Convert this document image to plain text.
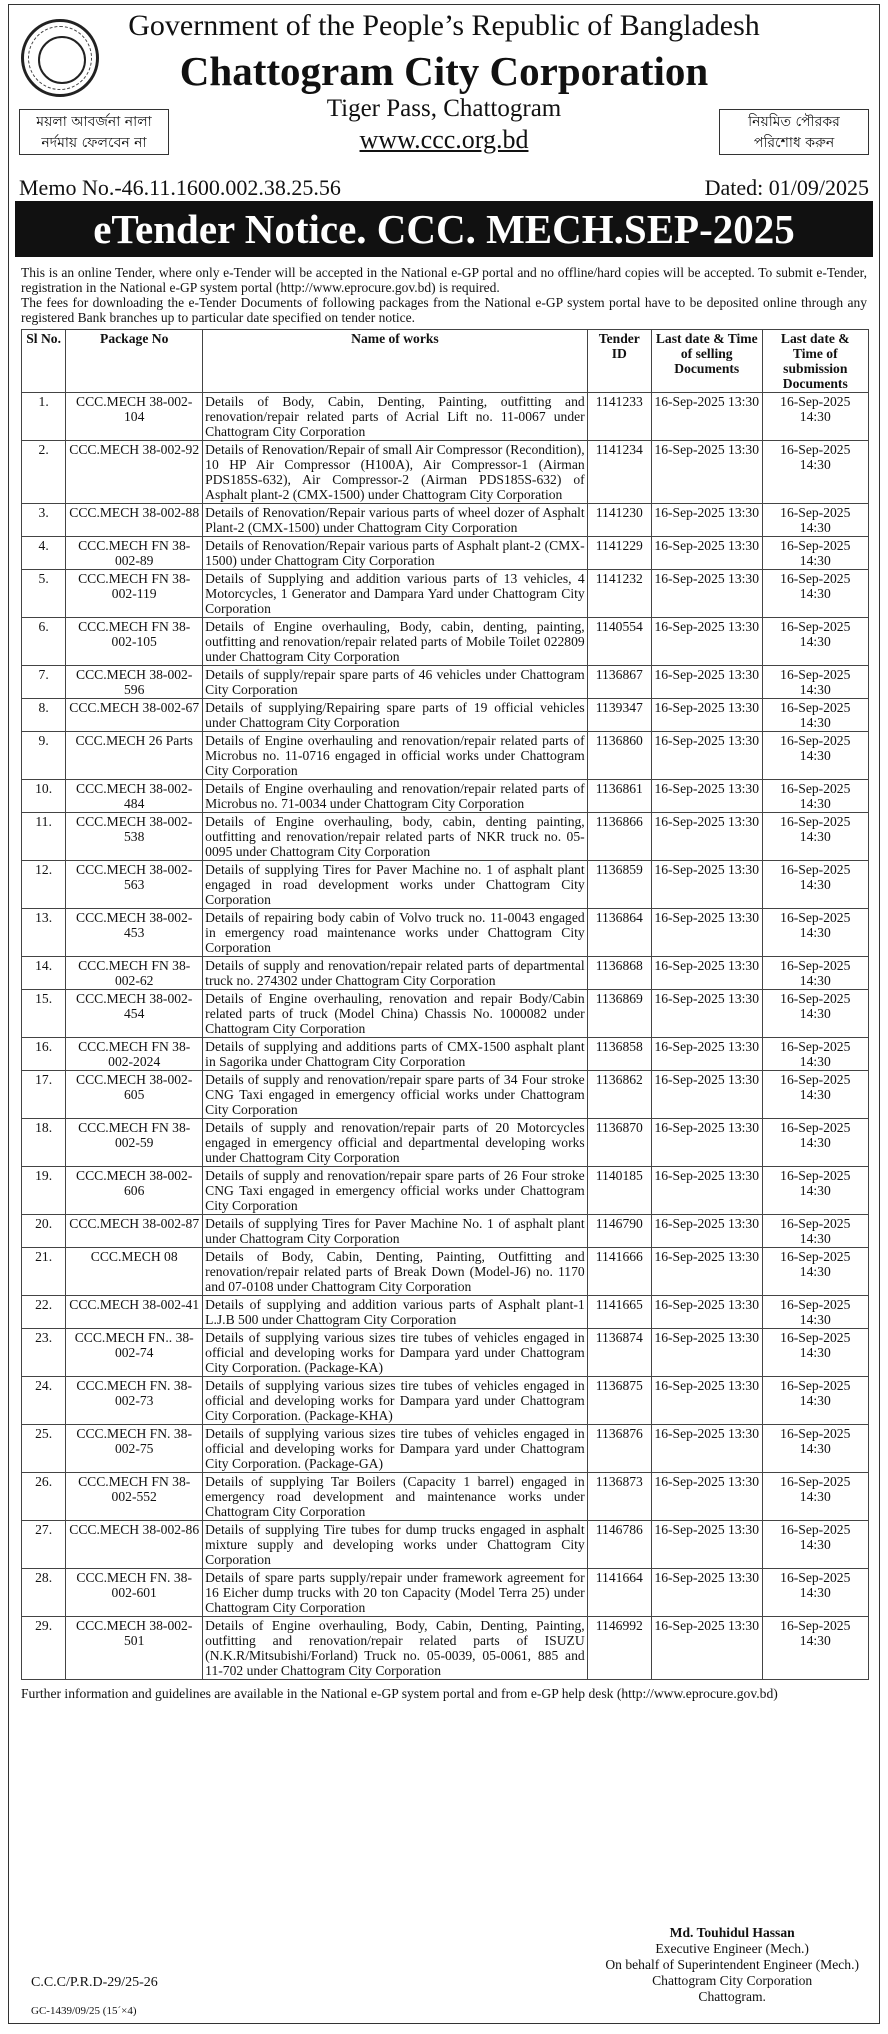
Government of the People’s Republic of Bangladesh
Chattogram City Corporation
Tiger Pass, Chattogram
www.ccc.org.bd
ময়লা আবর্জনা নালা
নর্দমায় ফেলবেন না
নিয়মিত পৌরকর
পরিশোধ করুন
Memo No.-46.11.1600.002.38.25.56	Dated: 01/09/2025
eTender Notice. CCC. MECH.SEP-2025
This is an online Tender, where only e-Tender will be accepted in the National e-GP portal and no offline/hard copies will be accepted. To submit e-Tender, registration in the National e-GP system portal (http://www.eprocure.gov.bd) is required.
The fees for downloading the e-Tender Documents of following packages from the National e-GP system portal have to be deposited online through any registered Bank branches up to particular date specified on tender notice.
Sl No.	Package No	Name of works	Tender ID	Last date & Time of selling Documents	Last date & Time of submission Documents
1.	CCC.MECH 38-002-104	Details of Body, Cabin, Denting, Painting, outfitting and renovation/repair related parts of Acrial Lift no. 11-0067 under Chattogram City Corporation	1141233	16-Sep-2025 13:30	16-Sep-2025 14:30
2.	CCC.MECH 38-002-92	Details of Renovation/Repair of small Air Compressor (Recondition), 10 HP Air Compressor (H100A), Air Compressor-1 (Airman PDS185S-632), Air Compressor-2 (Airman PDS185S-632) of Asphalt plant-2 (CMX-1500) under Chattogram City Corporation	1141234	16-Sep-2025 13:30	16-Sep-2025 14:30
3.	CCC.MECH 38-002-88	Details of Renovation/Repair various parts of wheel dozer of Asphalt Plant-2 (CMX-1500) under Chattogram City Corporation	1141230	16-Sep-2025 13:30	16-Sep-2025 14:30
4.	CCC.MECH FN 38-002-89	Details of Renovation/Repair various parts of Asphalt plant-2 (CMX-1500) under Chattogram City Corporation	1141229	16-Sep-2025 13:30	16-Sep-2025 14:30
5.	CCC.MECH FN 38-002-119	Details of Supplying and addition various parts of 13 vehicles, 4 Motorcycles, 1 Generator and Dampara Yard under Chattogram City Corporation	1141232	16-Sep-2025 13:30	16-Sep-2025 14:30
6.	CCC.MECH FN 38-002-105	Details of Engine overhauling, Body, cabin, denting, painting, outfitting and renovation/repair related parts of Mobile Toilet 022809 under Chattogram City Corporation	1140554	16-Sep-2025 13:30	16-Sep-2025 14:30
7.	CCC.MECH 38-002-596	Details of supply/repair spare parts of 46 vehicles under Chattogram City Corporation	1136867	16-Sep-2025 13:30	16-Sep-2025 14:30
8.	CCC.MECH 38-002-67	Details of supplying/Repairing spare parts of 19 official vehicles under Chattogram City Corporation	1139347	16-Sep-2025 13:30	16-Sep-2025 14:30
9.	CCC.MECH 26 Parts	Details of Engine overhauling and renovation/repair related parts of Microbus no. 11-0716 engaged in official works under Chattogram City Corporation	1136860	16-Sep-2025 13:30	16-Sep-2025 14:30
10.	CCC.MECH 38-002-484	Details of Engine overhauling and renovation/repair related parts of Microbus no. 71-0034 under Chattogram City Corporation	1136861	16-Sep-2025 13:30	16-Sep-2025 14:30
11.	CCC.MECH 38-002-538	Details of Engine overhauling, body, cabin, denting painting, outfitting and renovation/repair related parts of NKR truck no. 05-0095 under Chattogram City Corporation	1136866	16-Sep-2025 13:30	16-Sep-2025 14:30
12.	CCC.MECH 38-002-563	Details of supplying Tires for Paver Machine no. 1 of asphalt plant engaged in road development works under Chattogram City Corporation	1136859	16-Sep-2025 13:30	16-Sep-2025 14:30
13.	CCC.MECH 38-002-453	Details of repairing body cabin of Volvo truck no. 11-0043 engaged in emergency road maintenance works under Chattogram City Corporation	1136864	16-Sep-2025 13:30	16-Sep-2025 14:30
14.	CCC.MECH FN 38-002-62	Details of supply and renovation/repair related parts of departmental truck no. 274302 under Chattogram City Corporation	1136868	16-Sep-2025 13:30	16-Sep-2025 14:30
15.	CCC.MECH 38-002-454	Details of Engine overhauling, renovation and repair Body/Cabin related parts of truck (Model China) Chassis No. 1000082 under Chattogram City Corporation	1136869	16-Sep-2025 13:30	16-Sep-2025 14:30
16.	CCC.MECH FN 38-002-2024	Details of supplying and additions parts of CMX-1500 asphalt plant in Sagorika under Chattogram City Corporation	1136858	16-Sep-2025 13:30	16-Sep-2025 14:30
17.	CCC.MECH 38-002-605	Details of supply and renovation/repair spare parts of 34 Four stroke CNG Taxi engaged in emergency official works under Chattogram City Corporation	1136862	16-Sep-2025 13:30	16-Sep-2025 14:30
18.	CCC.MECH FN 38-002-59	Details of supply and renovation/repair parts of 20 Motorcycles engaged in emergency official and departmental developing works under Chattogram City Corporation	1136870	16-Sep-2025 13:30	16-Sep-2025 14:30
19.	CCC.MECH 38-002-606	Details of supply and renovation/repair spare parts of 26 Four stroke CNG Taxi engaged in emergency official works under Chattogram City Corporation	1140185	16-Sep-2025 13:30	16-Sep-2025 14:30
20.	CCC.MECH 38-002-87	Details of supplying Tires for Paver Machine No. 1 of asphalt plant under Chattogram City Corporation	1146790	16-Sep-2025 13:30	16-Sep-2025 14:30
21.	CCC.MECH 08	Details of Body, Cabin, Denting, Painting, Outfitting and renovation/repair related parts of Break Down (Model-J6) no. 1170 and 07-0108 under Chattogram City Corporation	1141666	16-Sep-2025 13:30	16-Sep-2025 14:30
22.	CCC.MECH 38-002-41	Details of supplying and addition various parts of Asphalt plant-1 L.J.B 500 under Chattogram City Corporation	1141665	16-Sep-2025 13:30	16-Sep-2025 14:30
23.	CCC.MECH FN.. 38-002-74	Details of supplying various sizes tire tubes of vehicles engaged in official and developing works for Dampara yard under Chattogram City Corporation. (Package-KA)	1136874	16-Sep-2025 13:30	16-Sep-2025 14:30
24.	CCC.MECH FN. 38-002-73	Details of supplying various sizes tire tubes of vehicles engaged in official and developing works for Dampara yard under Chattogram City Corporation. (Package-KHA)	1136875	16-Sep-2025 13:30	16-Sep-2025 14:30
25.	CCC.MECH FN. 38-002-75	Details of supplying various sizes tire tubes of vehicles engaged in official and developing works for Dampara yard under Chattogram City Corporation. (Package-GA)	1136876	16-Sep-2025 13:30	16-Sep-2025 14:30
26.	CCC.MECH FN 38-002-552	Details of supplying Tar Boilers (Capacity 1 barrel) engaged in emergency road development and maintenance works under Chattogram City Corporation	1136873	16-Sep-2025 13:30	16-Sep-2025 14:30
27.	CCC.MECH 38-002-86	Details of supplying Tire tubes for dump trucks engaged in asphalt mixture supply and developing works under Chattogram City Corporation	1146786	16-Sep-2025 13:30	16-Sep-2025 14:30
28.	CCC.MECH FN. 38-002-601	Details of spare parts supply/repair under framework agreement for 16 Eicher dump trucks with 20 ton Capacity (Model Terra 25) under Chattogram City Corporation	1141664	16-Sep-2025 13:30	16-Sep-2025 14:30
29.	CCC.MECH 38-002-501	Details of Engine overhauling, Body, Cabin, Denting, Painting, outfitting and renovation/repair related parts of ISUZU (N.K.R/Mitsubishi/Forland) Truck no. 05-0039, 05-0061, 885 and 11-702 under Chattogram City Corporation	1146992	16-Sep-2025 13:30	16-Sep-2025 14:30
Further information and guidelines are available in the National e-GP system portal and from e-GP help desk (http://www.eprocure.gov.bd)
Md. Touhidul Hassan
Executive Engineer (Mech.)
On behalf of Superintendent Engineer (Mech.)
Chattogram City Corporation
Chattogram.
C.C.C/P.R.D-29/25-26
GC-1439/09/25 (15´×4)
